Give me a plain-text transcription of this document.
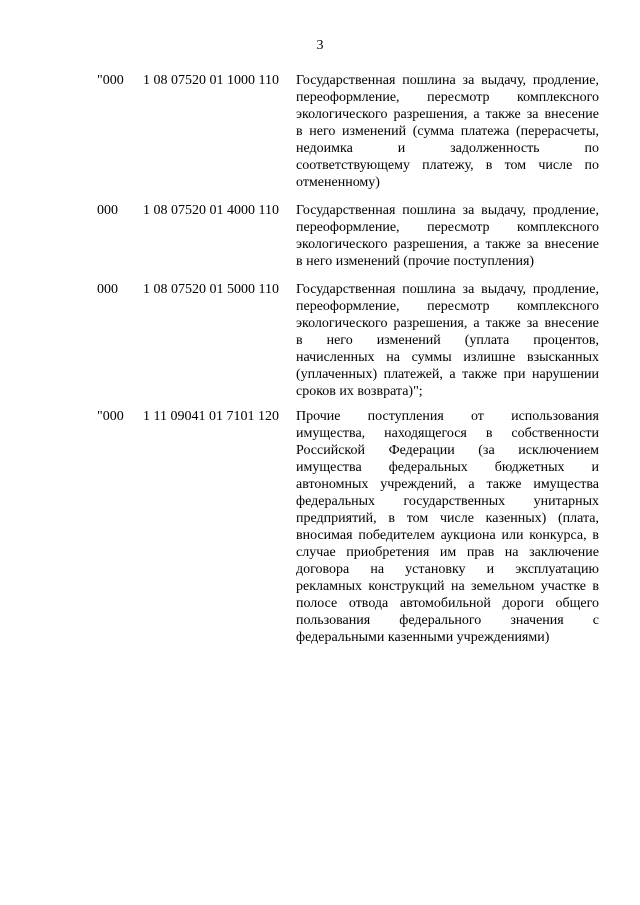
3
"000 1 08 07520 01 1000 110 Государственная пошлина за выдачу, продление,
переоформление, пересмотр комплексного
экологического разрешения, а также за внесение
в него изменений (сумма платежа (перерасчеты,
недоимка и задолженность по
соответствующему платежу, в том числе по
отмененному)
000 1 08 07520 01 4000 110 Государственная пошлина за выдачу, продление,
переоформление, пересмотр комплексного
экологического разрешения, а также за внесение
в него изменений (прочие поступления)
000 1 08 07520 01 5000 110 Государственная пошлина за выдачу, продление,
переоформление, пересмотр комплексного
экологического разрешения, а также за внесение
в него изменений (уплата процентов,
начисленных на суммы излишне взысканных
(уплаченных) платежей, а также при нарушении
сроков их возврата)";
"000 1 11 09041 01 7101 120 Прочие поступления от использования
имущества, находящегося в собственности
Российской Федерации (за исключением
имущества федеральных бюджетных и
автономных учреждений, а также имущества
федеральных государственных унитарных
предприятий, в том числе казенных) (плата,
вносимая победителем аукциона или конкурса, в
случае приобретения им прав на заключение
договора на установку и эксплуатацию
рекламных конструкций на земельном участке в
полосе отвода автомобильной дороги общего
пользования федерального значения с
федеральными казенными учреждениями)
